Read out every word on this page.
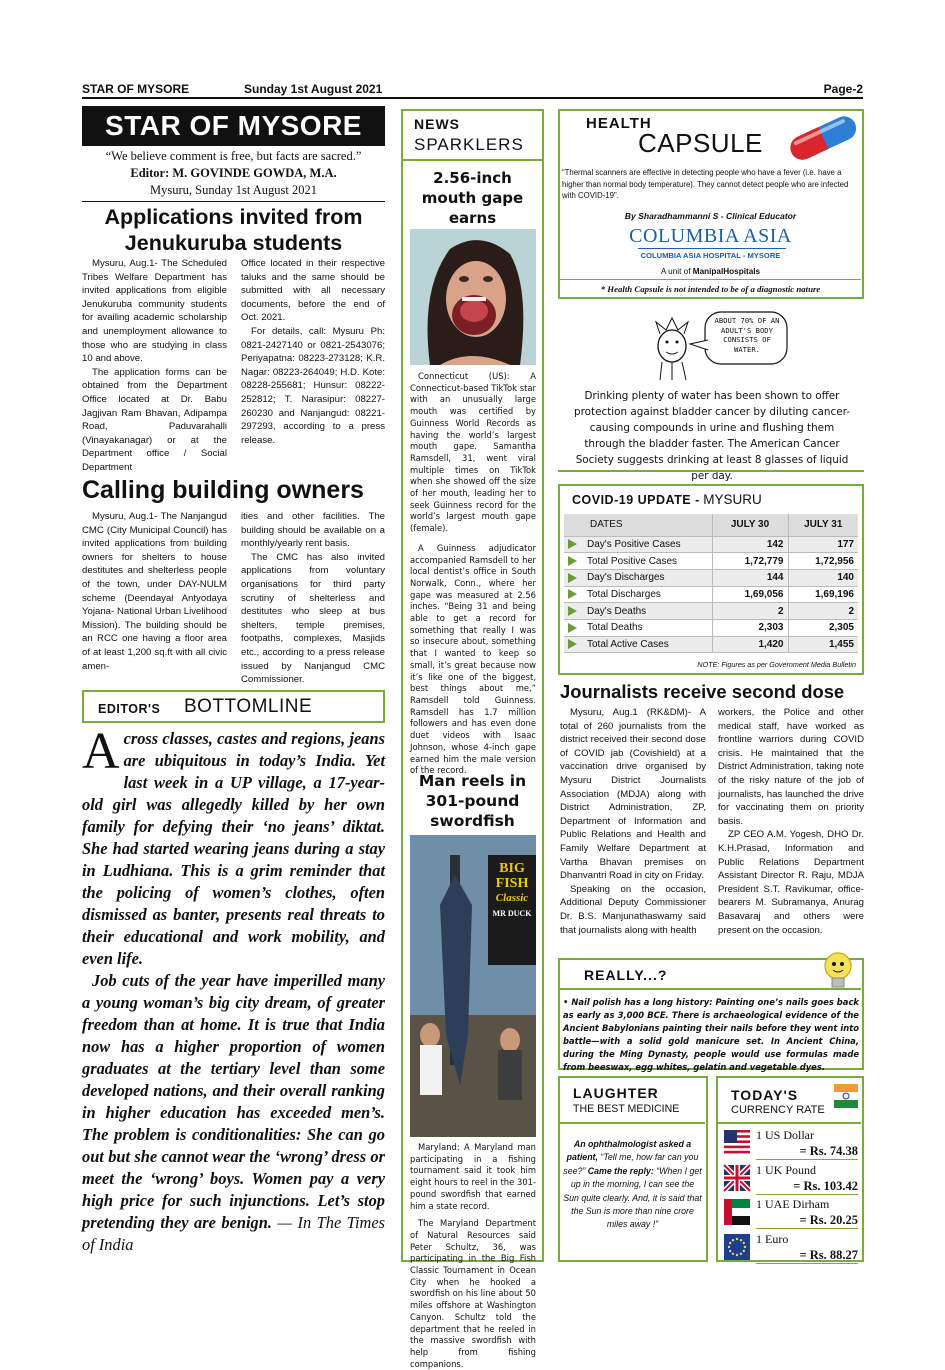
STAR OF MYSORE	Sunday 1st August 2021	Page-2
STAR OF MYSORE
“We believe comment is free, but facts are sacred.”
Editor: M. GOVINDE GOWDA, M.A.
Mysuru, Sunday 1st August 2021
Applications invited from
Jenukuruba students

Mysuru, Aug.1- The Scheduled Tribes Welfare Department has invited applications from eligible Jenukuruba community students for availing academic scholarship and unemployment allowance to those who are studying in class 10 and above.

The application forms can be obtained from the Department Office located at Dr. Babu Jagjivan Ram Bhavan, Adipampa Road, Paduvarahalli (Vinayakanagar) or at the Department office / Social Department

Office located in their respective taluks and the same should be submitted with all necessary documents, before the end of Oct. 2021.

For details, call: Mysuru Ph: 0821-2427140 or 0821-2543076; Periyapatna: 08223-273128; K.R. Nagar: 08223-264049; H.D. Kote: 08228-255681; Hunsur: 08222-252812; T. Narasipur: 08227-260230 and Nanjangud: 08221-297293, according to a press release.

Calling building owners

Mysuru, Aug.1- The Nanjangud CMC (City Municipal Council) has invited applications from building owners for shelters to house destitutes and shelterless people of the town, under DAY-NULM scheme (Deendayal Antyodaya Yojana- National Urban Livelihood Mission). The building should be an RCC one having a floor area of at least 1,200 sq.ft with all civic amen-

ities and other facilities. The building should be available on a monthly/yearly rent basis.

The CMC has also invited applications from voluntary organisations for third party scrutiny of shelterless and destitutes who sleep at bus shelters, temple premises, footpaths, complexes, Masjids etc., according to a press release issued by Nanjangud CMC Commissioner.

EDITOR'S BOTTOMLINE

Across classes, castes and regions, jeans are ubiquitous in today’s India. Yet last week in a UP village, a 17-year-old girl was allegedly killed by her own family for defying their ‘no jeans’ diktat. She had started wearing jeans during a stay in Ludhiana. This is a grim reminder that the policing of women’s clothes, often dismissed as banter, presents real threats to their educational and work mobility, and even life.

Job cuts of the year have imperilled many a young woman’s big city dream, of greater freedom than at home. It is true that India now has a higher proportion of women graduates at the tertiary level than some developed nations, and their overall ranking in higher education has exceeded men’s. The problem is conditionalities: She can go out but she cannot wear the ‘wrong’ dress or meet the ‘wrong’ boys. Women pay a very high price for such injunctions. Let’s stop pretending they are benign. — In The Times of India

NEWS
SPARKLERS
2.56-inch mouth gape earns

Connecticut (US): A Connecticut-based TikTok star with an unusually large mouth was certified by Guinness World Records as having the world’s largest mouth gape. Samantha Ramsdell, 31, went viral multiple times on TikTok when she showed off the size of her mouth, leading her to seek Guinness record for the world’s largest mouth gape (female).

A Guinness adjudicator accompanied Ramsdell to her local dentist’s office in South Norwalk, Conn., where her gape was measured at 2.56 inches. “Being 31 and being able to get a record for something that really I was so insecure about, something that I wanted to keep so small, it’s great because now it’s like one of the biggest, best things about me,” Ramsdell told Guinness. Ramsdell has 1.7 million followers and has even done duet videos with Isaac Johnson, whose 4-inch gape earned him the male version of the record.

Man reels in 301-pound swordfish
BIG
FISH
Classic
MR DUCK

Maryland: A Maryland man participating in a fishing tournament said it took him eight hours to reel in the 301-pound swordfish that earned him a state record.

The Maryland Department of Natural Resources said Peter Schultz, 36, was participating in the Big Fish Classic Tournament in Ocean City when he hooked a swordfish on his line about 50 miles offshore at Washington Canyon. Schultz told the department that he reeled in the massive swordfish with help from fishing companions.

HEALTH
CAPSULE
“Thermal scanners are effective in detecting people who have a fever (i.e. have a higher than normal body temperature). They cannot detect people who are infected with COVID-19”.
By Sharadhammanni S - Clinical Educator
COLUMBIA ASIA
COLUMBIA ASIA HOSPITAL - MYSORE
A unit of ManipalHospitals
* Health Capsule is not intended to be of a diagnostic nature
ABOUT 70% OF AN ADULT'S BODY CONSISTS OF WATER.
Drinking plenty of water has been shown to offer protection against bladder cancer by diluting cancer-causing compounds in urine and flushing them through the bladder faster. The American Cancer Society suggests drinking at least 8 glasses of liquid per day.
COVID-19 UPDATE - MYSURU
DATES	JULY 30	JULY 31
Day's Positive Cases	142	177
Total Positive Cases	1,72,779	1,72,956
Day's Discharges	144	140
Total Discharges	1,69,056	1,69,196
Day's Deaths	2	2
Total Deaths	2,303	2,305
Total Active Cases	1,420	1,455
NOTE: Figures as per Government Media Bulletin
Journalists receive second dose

Mysuru, Aug.1 (RK&DM)- A total of 260 journalists from the district received their second dose of COVID jab (Covishield) at a vaccination drive organised by Mysuru District Journalists Association (MDJA) along with District Administration, ZP, Department of Information and Public Relations and Health and Family Welfare Department at Vartha Bhavan premises on Dhanvantri Road in city on Friday.

Speaking on the occasion, Additional Deputy Commissioner Dr. B.S. Manjunathaswamy said that journalists along with health

workers, the Police and other medical staff, have worked as frontline warriors during COVID crisis. He maintained that the District Administration, taking note of the risky nature of the job of journalists, has launched the drive for vaccinating them on priority basis.

ZP CEO A.M. Yogesh, DHO Dr. K.H.Prasad, Information and Public Relations Department Assistant Director R. Raju, MDJA President S.T. Ravikumar, office-bearers M. Subramanya, Anurag Basavaraj and others were present on the occasion.

REALLY...?
• Nail polish has a long history: Painting one’s nails goes back as early as 3,000 BCE. There is archaeological evidence of the Ancient Babylonians painting their nails before they went into battle—with a solid gold manicure set. In Ancient China, during the Ming Dynasty, people would use formulas made from beeswax, egg whites, gelatin and vegetable dyes.
LAUGHTER
THE BEST MEDICINE
An ophthalmologist asked a patient, “Tell me, how far can you see?” Came the reply: “When I get up in the morning, I can see the Sun quite clearly. And, it is said that the Sun is more than nine crore miles away !”
TODAY'S
CURRENCY RATE
1 US Dollar
= Rs. 74.38
1 UK Pound
= Rs. 103.42
1 UAE Dirham
= Rs. 20.25
1 Euro
= Rs. 88.27
